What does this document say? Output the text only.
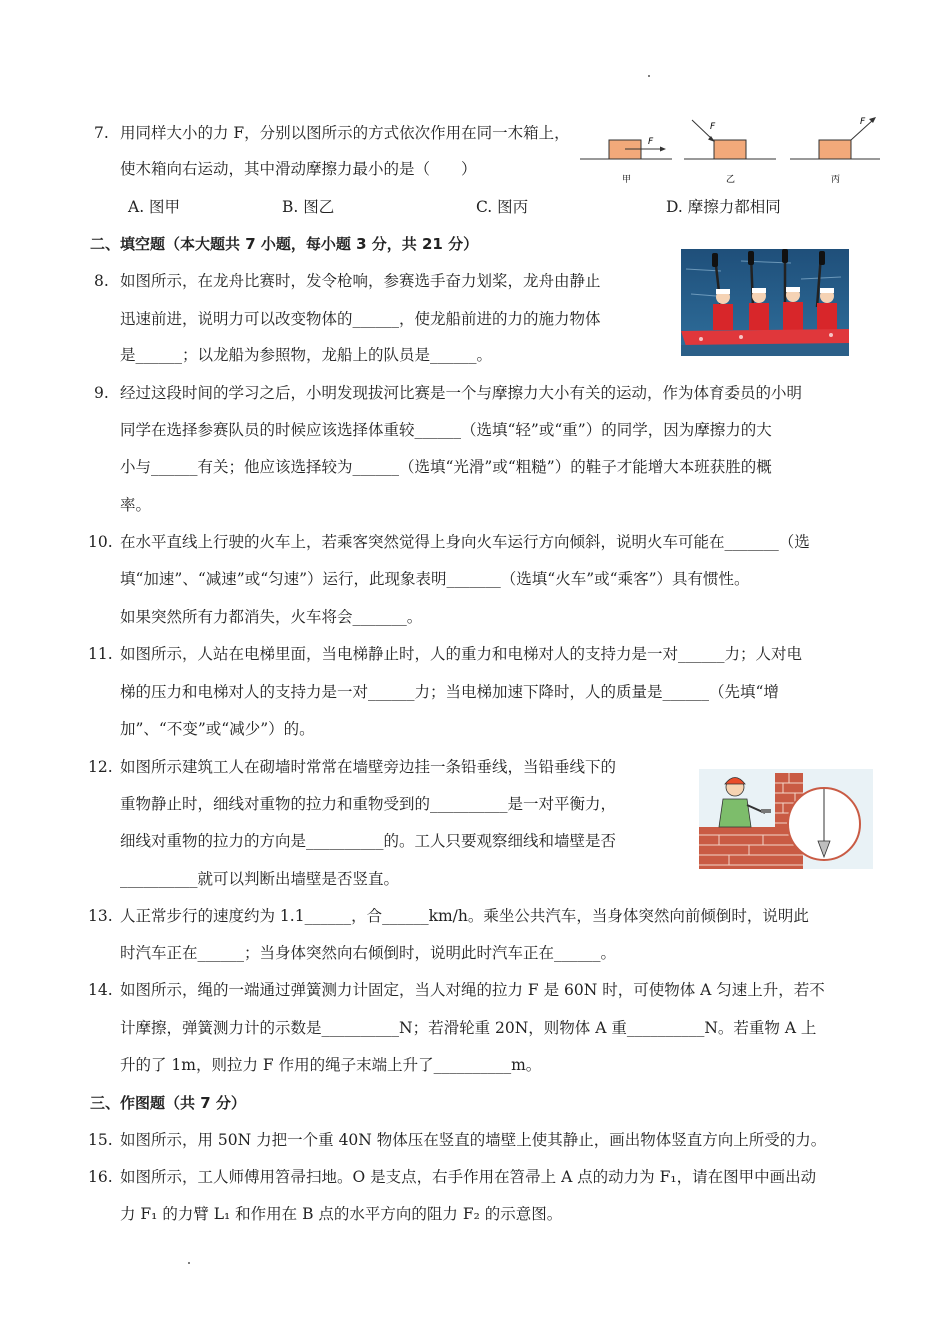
7. 用同样大小的力 F，分别以图所示的方式依次作用在同一木箱上，
使木箱向右运动，其中滑动摩擦力最小的是（　　）
A. 图甲	B. 图乙	C. 图丙	D. 摩擦力都相同
F
甲
F
乙
F
丙
二、填空题（本大题共 7 小题，每小题 3 分，共 21 分）
8. 如图所示，在龙舟比赛时，发令枪响，参赛选手奋力划桨，龙舟由静止
迅速前进，说明力可以改变物体的______，使龙船前进的力的施力物体
是______；以龙船为参照物，龙船上的队员是______。
9. 经过这段时间的学习之后，小明发现拔河比赛是一个与摩擦力大小有关的运动，作为体育委员的小明
同学在选择参赛队员的时候应该选择体重较______（选填“轻”或“重”）的同学，因为摩擦力的大
小与______有关；他应该选择较为______（选填“光滑”或“粗糙”）的鞋子才能增大本班获胜的概
率。
10. 在水平直线上行驶的火车上，若乘客突然觉得上身向火车运行方向倾斜，说明火车可能在_______（选
填“加速”、“减速”或“匀速”）运行，此现象表明_______（选填“火车”或“乘客”）具有惯性。
如果突然所有力都消失，火车将会_______。
11. 如图所示，人站在电梯里面，当电梯静止时，人的重力和电梯对人的支持力是一对______力；人对电
梯的压力和电梯对人的支持力是一对______力；当电梯加速下降时，人的质量是______（先填“增
加”、“不变”或“减少”）的。
12. 如图所示建筑工人在砌墙时常常在墙壁旁边挂一条铅垂线，当铅垂线下的
重物静止时，细线对重物的拉力和重物受到的__________是一对平衡力，
细线对重物的拉力的方向是__________的。工人只要观察细线和墙壁是否
__________就可以判断出墙壁是否竖直。
13. 人正常步行的速度约为 1.1______，合______km/h。乘坐公共汽车，当身体突然向前倾倒时，说明此
时汽车正在______；当身体突然向右倾倒时，说明此时汽车正在______。
14. 如图所示，绳的一端通过弹簧测力计固定，当人对绳的拉力 F 是 60N 时，可使物体 A 匀速上升，若不
计摩擦，弹簧测力计的示数是__________N；若滑轮重 20N，则物体 A 重__________N。若重物 A 上
升的了 1m，则拉力 F 作用的绳子末端上升了__________m。
三、作图题（共 7 分）
15. 如图所示，用 50N 力把一个重 40N 物体压在竖直的墙壁上使其静止，画出物体竖直方向上所受的力。
16. 如图所示，工人师傅用笤帚扫地。O 是支点，右手作用在笤帚上 A 点的动力为 F₁，请在图甲中画出动
力 F₁ 的力臂 L₁ 和作用在 B 点的水平方向的阻力 F₂ 的示意图。
